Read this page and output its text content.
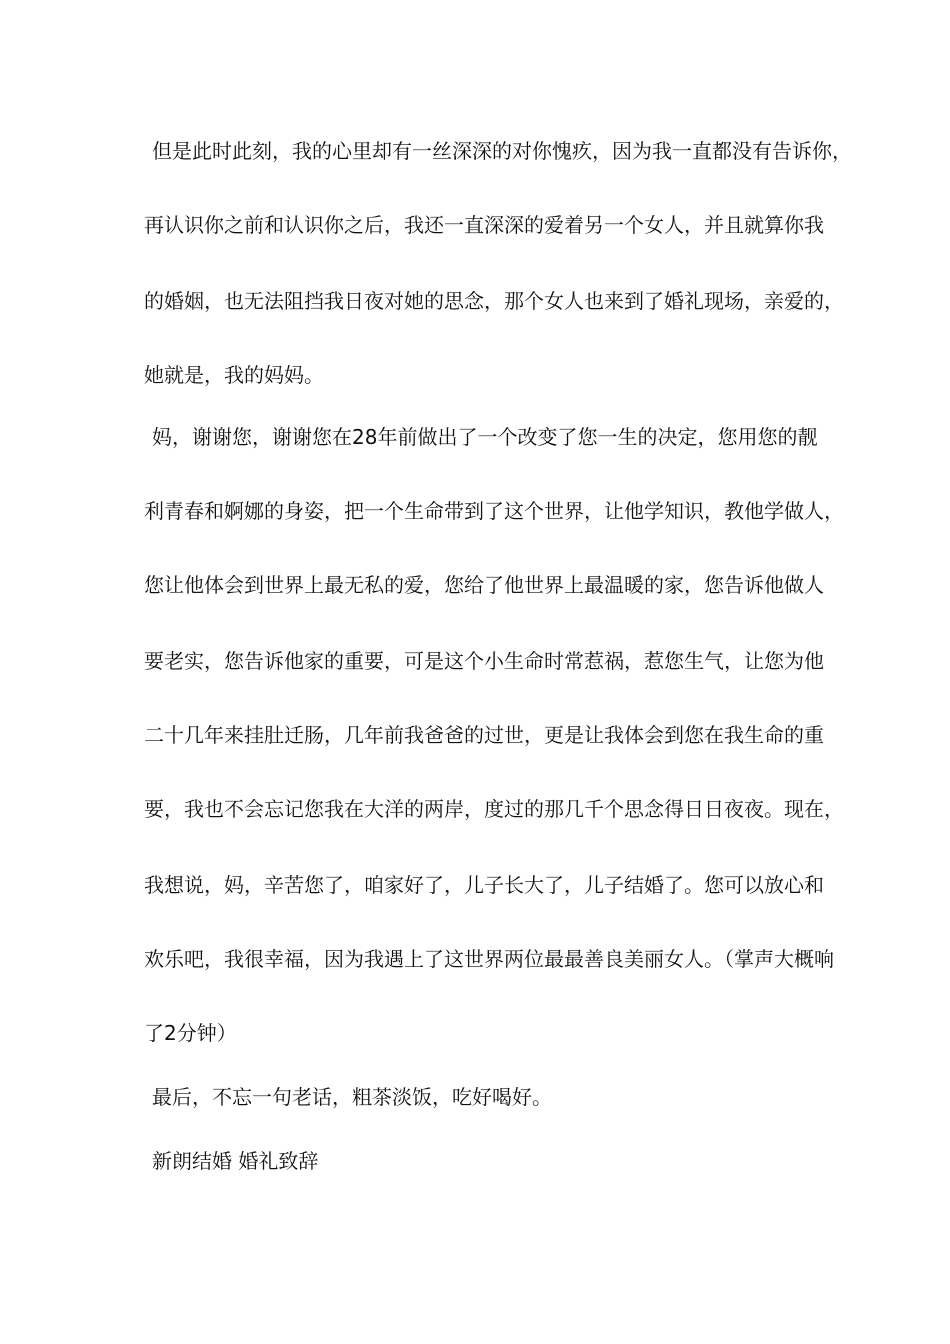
但是此时此刻，我的心里却有一丝深深的对你愧疚，因为我一直都没有告诉你，
再认识你之前和认识你之后，我还一直深深的爱着另一个女人，并且就算你我
的婚姻，也无法阻挡我日夜对她的思念，那个女人也来到了婚礼现场，亲爱的，
她就是，我的妈妈。
妈，谢谢您，谢谢您在28年前做出了一个改变了您一生的决定，您用您的靓
利青春和婀娜的身姿，把一个生命带到了这个世界，让他学知识，教他学做人，
您让他体会到世界上最无私的爱，您给了他世界上最温暖的家，您告诉他做人
要老实，您告诉他家的重要，可是这个小生命时常惹祸，惹您生气，让您为他
二十几年来挂肚迁肠，几年前我爸爸的过世，更是让我体会到您在我生命的重
要，我也不会忘记您我在大洋的两岸，度过的那几千个思念得日日夜夜。现在，
我想说，妈，辛苦您了，咱家好了，儿子长大了，儿子结婚了。您可以放心和
欢乐吧，我很幸福，因为我遇上了这世界两位最最善良美丽女人。（掌声大概响
了2分钟）
最后，不忘一句老话，粗茶淡饭，吃好喝好。
新朗结婚 婚礼致辞
